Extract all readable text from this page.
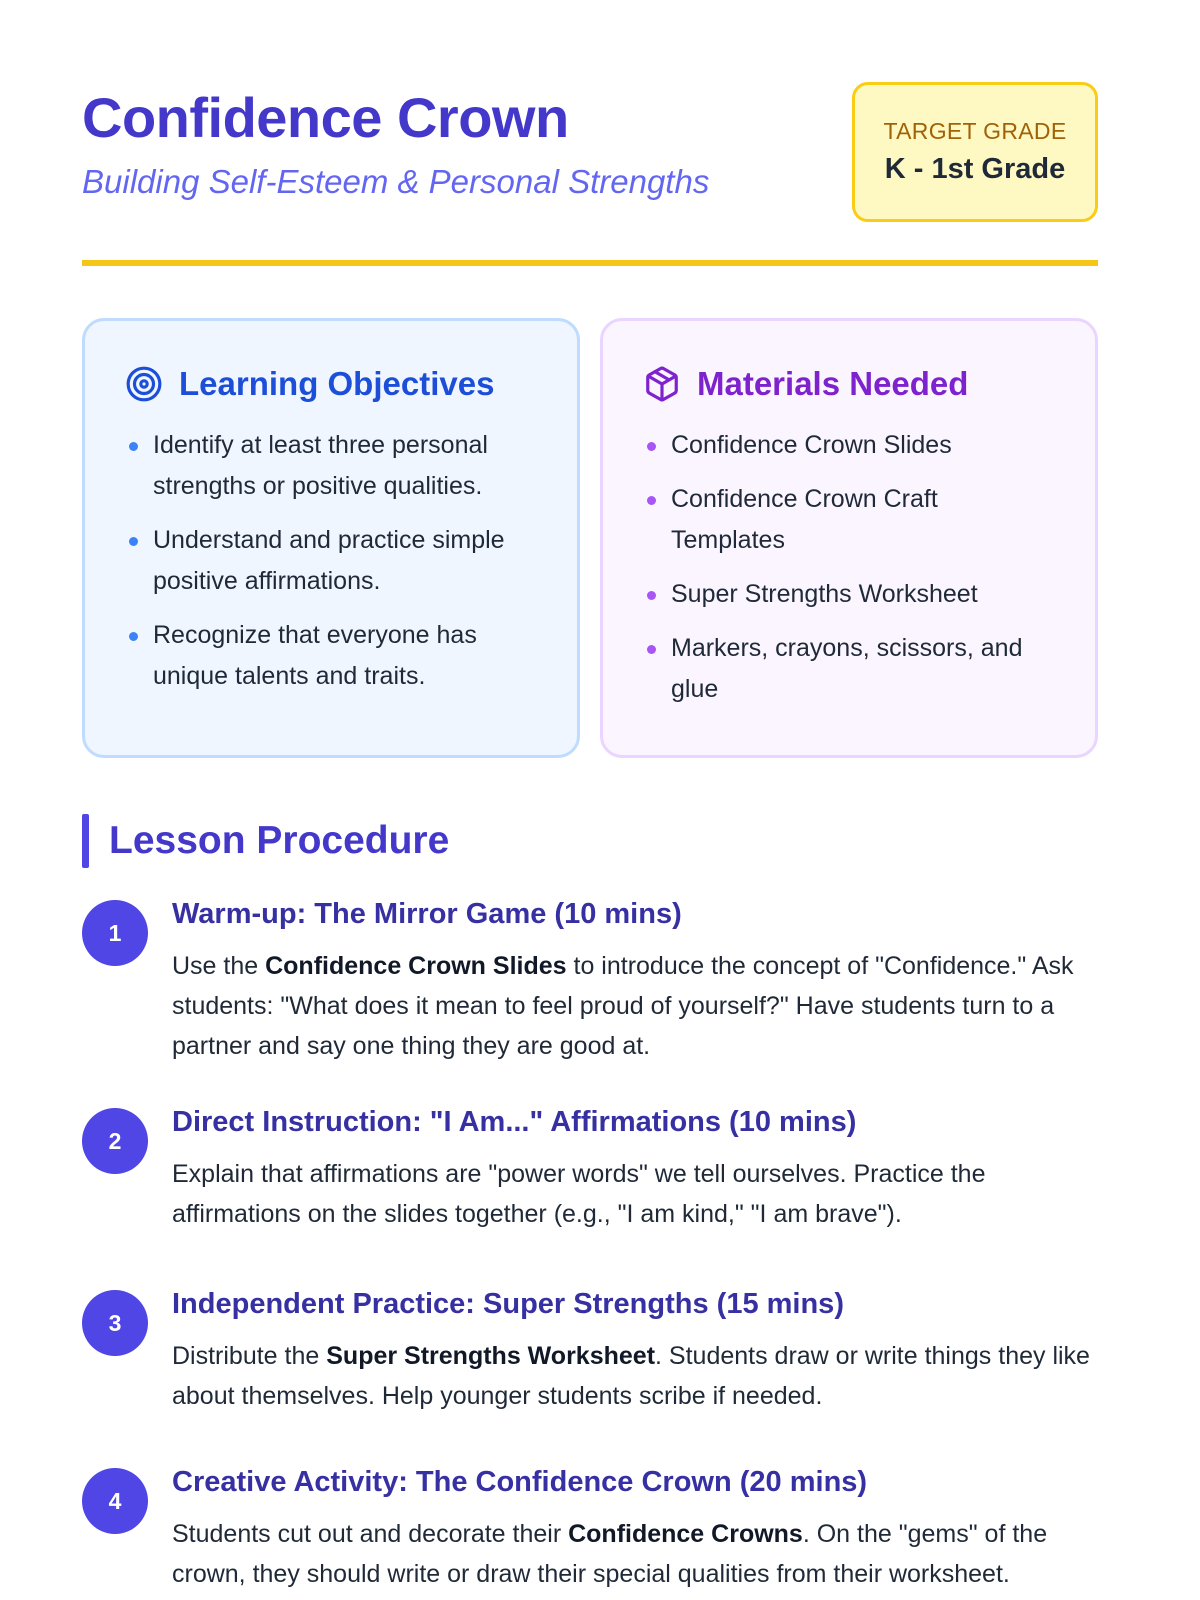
Confidence Crown
Building Self-Esteem & Personal Strengths
TARGET GRADE
K - 1st Grade
Learning Objectives
Identify at least three personal strengths or positive qualities.
Understand and practice simple positive affirmations.
Recognize that everyone has unique talents and traits.
Materials Needed
Confidence Crown Slides
Confidence Crown Craft Templates
Super Strengths Worksheet
Markers, crayons, scissors, and glue
Lesson Procedure
1
Warm-up: The Mirror Game (10 mins)

Use the Confidence Crown Slides to introduce the concept of "Confidence." Ask students: "What does it mean to feel proud of yourself?" Have students turn to a partner and say one thing they are good at.

2
Direct Instruction: "I Am..." Affirmations (10 mins)

Explain that affirmations are "power words" we tell ourselves. Practice the affirmations on the slides together (e.g., "I am kind," "I am brave").

3
Independent Practice: Super Strengths (15 mins)

Distribute the Super Strengths Worksheet. Students draw or write things they like about themselves. Help younger students scribe if needed.

4
Creative Activity: The Confidence Crown (20 mins)

Students cut out and decorate their Confidence Crowns. On the "gems" of the crown, they should write or draw their special qualities from their worksheet.
